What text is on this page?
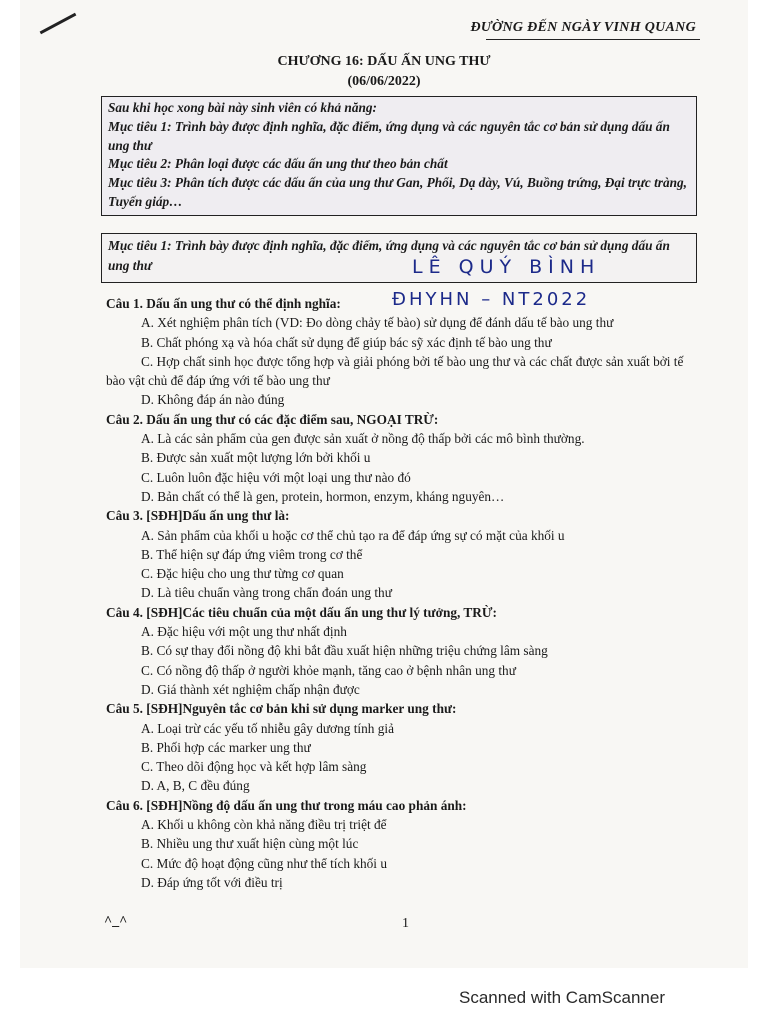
ĐƯỜNG ĐẾN NGÀY VINH QUANG
CHƯƠNG 16: DẤU ẤN UNG THƯ
(06/06/2022)
Sau khi học xong bài này sinh viên có khả năng:
Mục tiêu 1: Trình bày được định nghĩa, đặc điểm, ứng dụng và các nguyên tắc cơ bản sử dụng dấu ấn ung thư
Mục tiêu 2: Phân loại được các dấu ấn ung thư theo bản chất
Mục tiêu 3: Phân tích được các dấu ấn của ung thư Gan, Phổi, Dạ dày, Vú, Buồng trứng, Đại trực tràng, Tuyến giáp…
Mục tiêu 1: Trình bày được định nghĩa, đặc điểm, ứng dụng và các nguyên tắc cơ bản sử dụng dấu ấn ung thư	LÊ QUÝ BÌNH
ĐHYHN – NT2022
Câu 1. Dấu ấn ung thư có thể định nghĩa:
A. Xét nghiệm phân tích (VD: Đo dòng chảy tế bào) sử dụng để đánh dấu tế bào ung thư
B. Chất phóng xạ và hóa chất sử dụng để giúp bác sỹ xác định tế bào ung thư
C. Hợp chất sinh học được tổng hợp và giải phóng bởi tế bào ung thư và các chất được sản xuất bởi tế bào vật chủ để đáp ứng với tế bào ung thư
D. Không đáp án nào đúng
Câu 2. Dấu ấn ung thư có các đặc điểm sau, NGOẠI TRỪ:
A. Là các sản phẩm của gen được sản xuất ở nồng độ thấp bởi các mô bình thường.
B. Được sản xuất một lượng lớn bởi khối u
C. Luôn luôn đặc hiệu với một loại ung thư nào đó
D. Bản chất có thể là gen, protein, hormon, enzym, kháng nguyên…
Câu 3. [SĐH]Dấu ấn ung thư là:
A. Sản phẩm của khối u hoặc cơ thể chủ tạo ra để đáp ứng sự có mặt của khối u
B. Thể hiện sự đáp ứng viêm trong cơ thể
C. Đặc hiệu cho ung thư từng cơ quan
D. Là tiêu chuẩn vàng trong chẩn đoán ung thư
Câu 4. [SĐH]Các tiêu chuẩn của một dấu ấn ung thư lý tưởng, TRỪ:
A. Đặc hiệu với một ung thư nhất định
B. Có sự thay đổi nồng độ khi bắt đầu xuất hiện những triệu chứng lâm sàng
C. Có nồng độ thấp ở người khỏe mạnh, tăng cao ở bệnh nhân ung thư
D. Giá thành xét nghiệm chấp nhận được
Câu 5. [SĐH]Nguyên tắc cơ bản khi sử dụng marker ung thư:
A. Loại trừ các yếu tố nhiễu gây dương tính giả
B. Phối hợp các marker ung thư
C. Theo dõi động học và kết hợp lâm sàng
D. A, B, C đều đúng
Câu 6. [SĐH]Nồng độ dấu ấn ung thư trong máu cao phản ánh:
A. Khối u không còn khả năng điều trị triệt để
B. Nhiều ung thư xuất hiện cùng một lúc
C. Mức độ hoạt động cũng như thể tích khối u
D. Đáp ứng tốt với điều trị
^_^	1
Scanned with CamScanner
